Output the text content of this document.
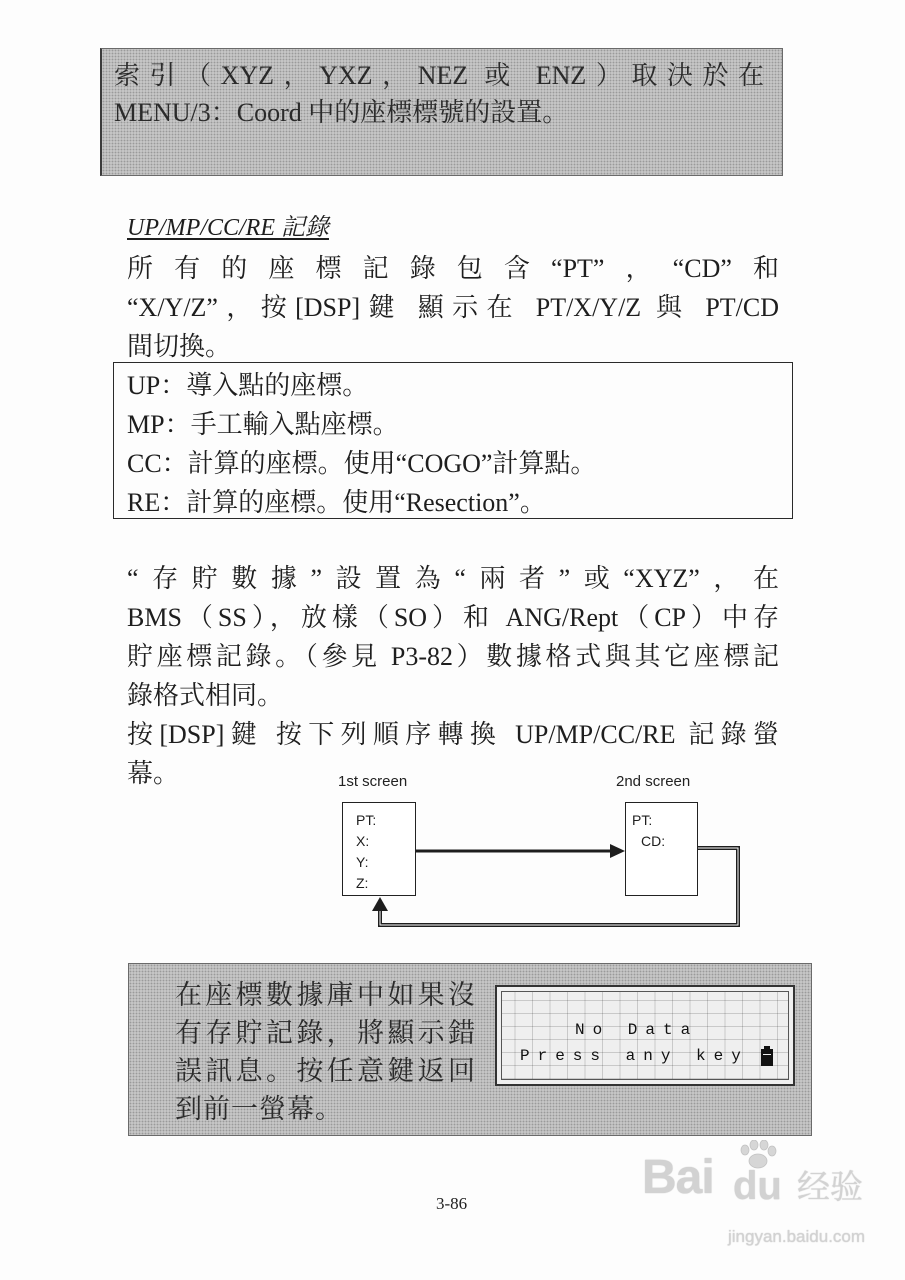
索引（XYZ，YXZ，NEZ 或 ENZ）取決於在
MENU/3：Coord 中的座標標號的設置。
UP/MP/CC/RE 記錄
所有的座標記錄包含“PT”，“CD”和
“X/Y/Z”，按[DSP]鍵 顯示在 PT/X/Y/Z 與 PT/CD
間切換。
UP：導入點的座標。
MP：手工輸入點座標。
CC：計算的座標。使用“COGO”計算點。
RE：計算的座標。使用“Resection”。
“存貯數據”設置為“兩者”或“XYZ”，在
BMS（SS），放樣（SO）和 ANG/Rept（CP）中存
貯座標記錄。（參見 P3-82）數據格式與其它座標記
錄格式相同。
按[DSP]鍵 按下列順序轉換 UP/MP/CC/RE 記錄螢
幕。	1st screen	2nd screen
PT:
X:
Y:
Z:
PT:
CD:
在座標數據庫中如果沒
有存貯記錄，將顯示錯
誤訊息。按任意鍵返回
到前一螢幕。
No Data
Press any key
3-86	Bai du 经验
jingyan.baidu.com
